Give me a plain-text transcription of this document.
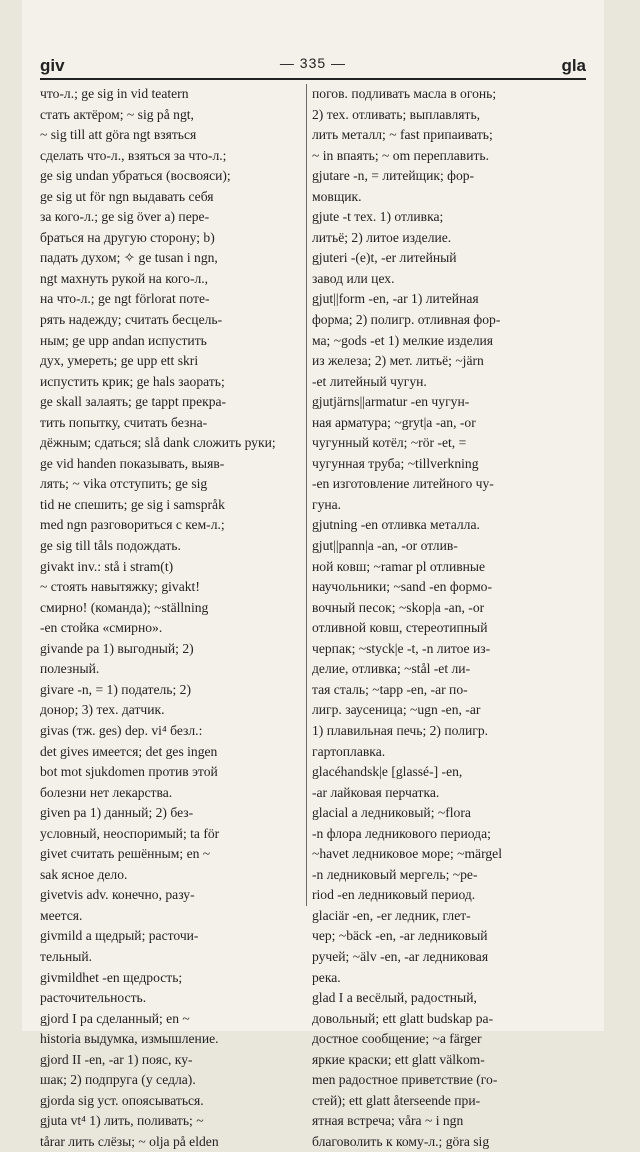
giv	— 335 —	gla
что-л.; ge sig in vid teatern
стать актёром; ~ sig på ngt,
~ sig till att göra ngt взяться
сделать что-л., взяться за что-л.;
ge sig undan убраться (восвояси);
ge sig ut för ngn выдавать себя
за кого-л.; ge sig över а) пере-
браться на другую сторону; b)
падать духом; ✧ ge tusan i ngn,
ngt махнуть рукой на кого-л.,
на что-л.; ge ngt förlorat поте-
рять надежду; считать бесцель-
ным; ge upp andan испустить
дух, умереть; ge upp ett skri
испустить крик; ge hals заорать;
ge skall залаять; ge tappt прекра-
тить попытку, считать безна-
дёжным; сдаться; slå dank сложить руки;
ge vid handen показывать, выяв-
лять; ~ vika отступить; ge sig
tid не спешить; ge sig i samspråk
med ngn разговориться с кем-л.;
ge sig till tåls подождать.
givakt inv.: stå i stram(t)
~ стоять навытяжку; givakt!
смирно! (команда); ~ställning
-en стойка «смирно».
givande pa 1) выгодный; 2)
полезный.
givare -n, = 1) податель; 2)
донор; 3) тех. датчик.
givas (тж. ges) dep. vi⁴ безл.:
det gives имеется; det ges ingen
bot mot sjukdomen против этой
болезни нет лекарства.
given pa 1) данный; 2) без-
условный, неоспоримый; ta för
givet считать решённым; en ~
sak ясное дело.
givetvis adv. конечно, разу-
меется.
givmild a щедрый; расточи-
тельный.
givmildhet -en щедрость;
расточительность.
gjord I pa сделанный; en ~
historia выдумка, измышление.
gjord II -en, -ar 1) пояс, ку-
шак; 2) подпруга (у седла).
gjorda sig уст. опоясываться.
gjuta vt⁴ 1) лить, поливать; ~
tårar лить слёзы; ~ olja på elden
погов. подливать масла в огонь;
2) тех. отливать; выплавлять,
лить металл; ~ fast припаивать;
~ in впаять; ~ om переплавить.
gjutare -n, = литейщик; фор-
мовщик.
gjute -t тех. 1) отливка;
литьё; 2) литое изделие.
gjuteri -(e)t, -er литейный
завод или цех.
gjut||form -en, -ar 1) литейная
форма; 2) полигр. отливная фор-
ма; ~gods -et 1) мелкие изделия
из железа; 2) мет. литьё; ~järn
-et литейный чугун.
gjutjärns||armatur -en чугун-
ная арматура; ~gryt|a -an, -or
чугунный котёл; ~rör -et, =
чугунная труба; ~tillverkning
-en изготовление литейного чу-
гуна.
gjutning -en отливка металла.
gjut||pann|a -an, -or отлив-
ной ковш; ~ramar pl отливные
научольники; ~sand -en формо-
вочный песок; ~skop|a -an, -or
отливной ковш, стереотипный
черпак; ~styck|e -t, -n литое из-
делие, отливка; ~stål -et ли-
тая сталь; ~tapp -en, -ar по-
лигр. заусеница; ~ugn -en, -ar
1) плавильная печь; 2) полигр.
гартоплавка.
glacéhandsk|e [glassé-] -en,
-ar лайковая перчатка.
glacial a ледниковый; ~flora
-n флора ледникового периода;
~havet ледниковое море; ~märgel
-n ледниковый мергель; ~pe-
riod -en ледниковый период.
glaciär -en, -er ледник, глет-
чер; ~bäck -en, -ar ледниковый
ручей; ~älv -en, -ar ледниковая
река.
glad I a весёлый, радостный,
довольный; ett glatt budskap ра-
достное сообщение; ~a färger
яркие краски; ett glatt välkom-
men радостное приветствие (го-
стей); ett glatt återseende при-
ятная встреча; våra ~ i ngn
благоволить к кому-л.; göra sig
